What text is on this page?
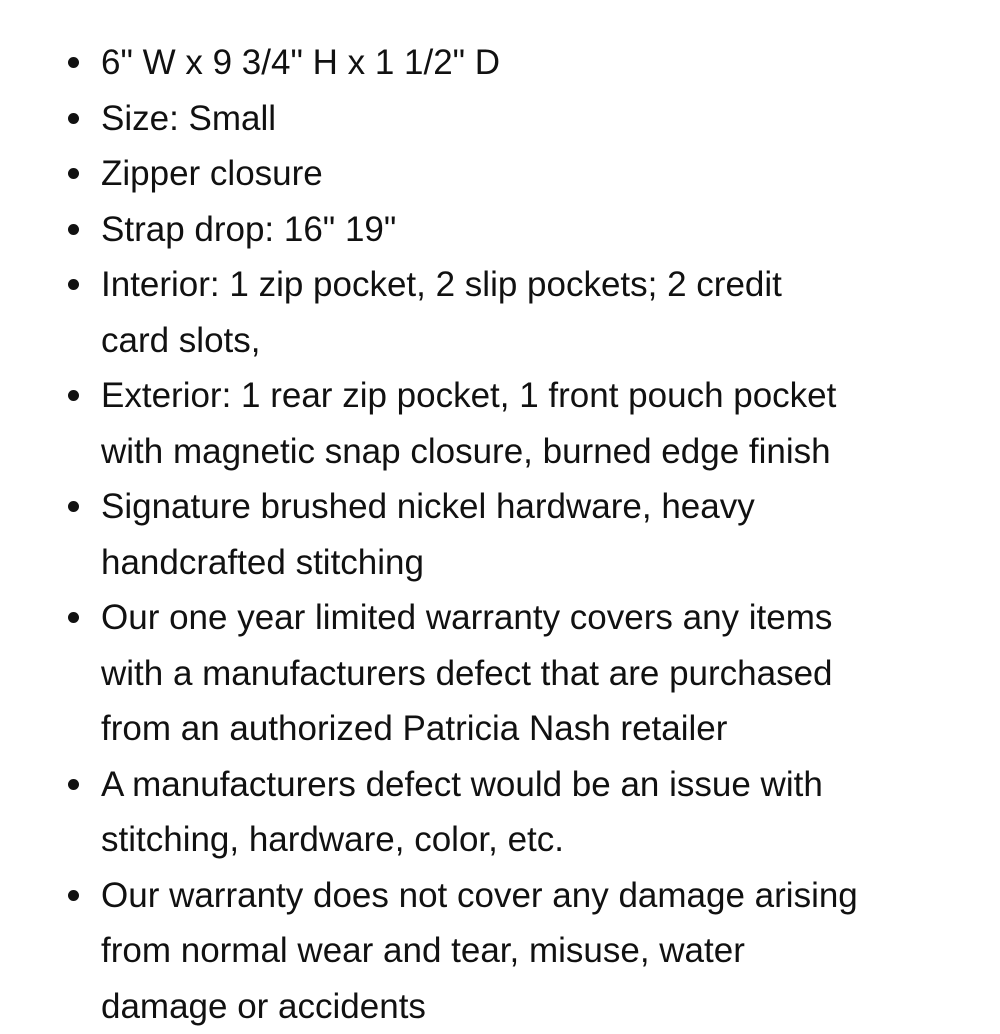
6" W x 9 3/4" H x 1 1/2" D
Size: Small
Zipper closure
Strap drop: 16" 19"
Interior: 1 zip pocket, 2 slip pockets; 2 credit
card slots,
Exterior: 1 rear zip pocket, 1 front pouch pocket
with magnetic snap closure, burned edge finish
Signature brushed nickel hardware, heavy
handcrafted stitching
Our one year limited warranty covers any items
with a manufacturers defect that are purchased
from an authorized Patricia Nash retailer
A manufacturers defect would be an issue with
stitching, hardware, color, etc.
Our warranty does not cover any damage arising
from normal wear and tear, misuse, water
damage or accidents
